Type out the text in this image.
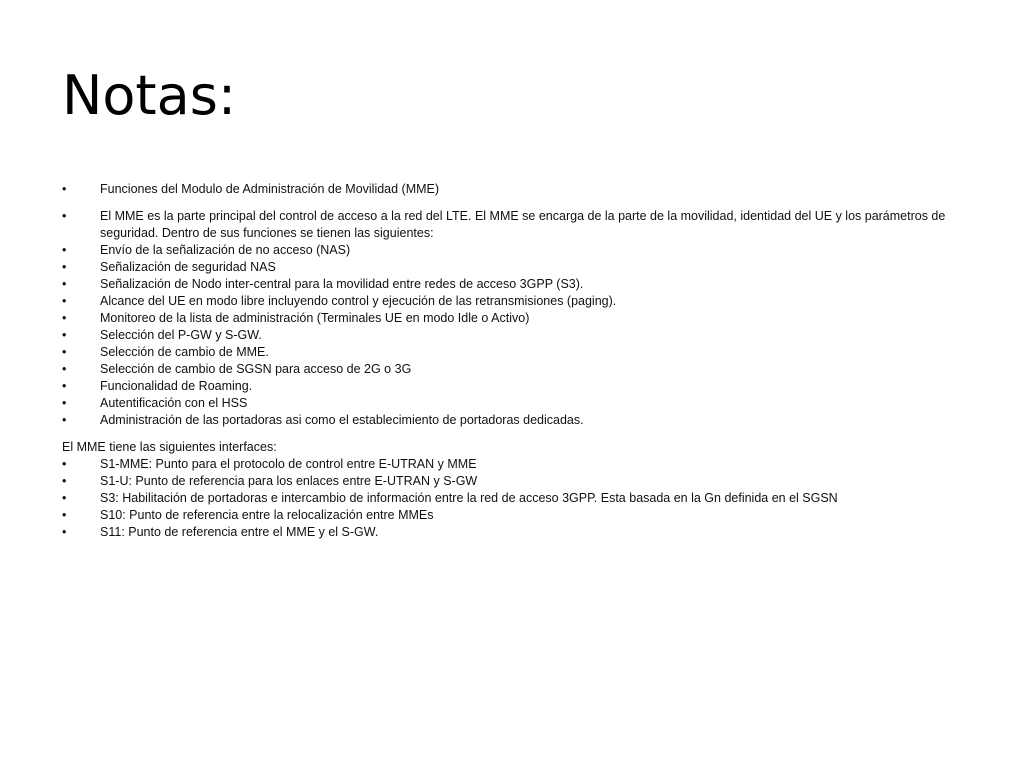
Notas:

•	Funciones del Modulo de Administración de Movilidad (MME)

•	El MME es la parte principal del control de acceso a la red del LTE. El MME se encarga de la parte de la movilidad, identidad del UE y los parámetros de seguridad. Dentro de sus funciones se tienen las siguientes:

•	Envío de la señalización de no acceso (NAS)

•	Señalización de seguridad NAS

•	Señalización de Nodo inter-central para la movilidad entre redes de acceso 3GPP (S3).

•	Alcance del UE en modo libre incluyendo control y ejecución de las retransmisiones (paging).

•	Monitoreo de la lista de administración (Terminales UE en modo Idle o Activo)

•	Selección del P-GW y S-GW.

•	Selección de cambio de MME.

•	Selección de cambio de SGSN para acceso de 2G o 3G

•	Funcionalidad de Roaming.

•	Autentificación con el HSS

•	Administración de las portadoras asi como el establecimiento de portadoras dedicadas.

El MME tiene las siguientes interfaces:

•	S1-MME: Punto para el protocolo de control entre E-UTRAN y MME

•	S1-U: Punto de referencia para los enlaces entre E-UTRAN y S-GW

•	S3: Habilitación de portadoras e intercambio de información entre la red de acceso 3GPP. Esta basada en la Gn definida en el SGSN

•	S10: Punto de referencia entre la relocalización entre MMEs

•	S11: Punto de referencia entre el MME y el S-GW.
